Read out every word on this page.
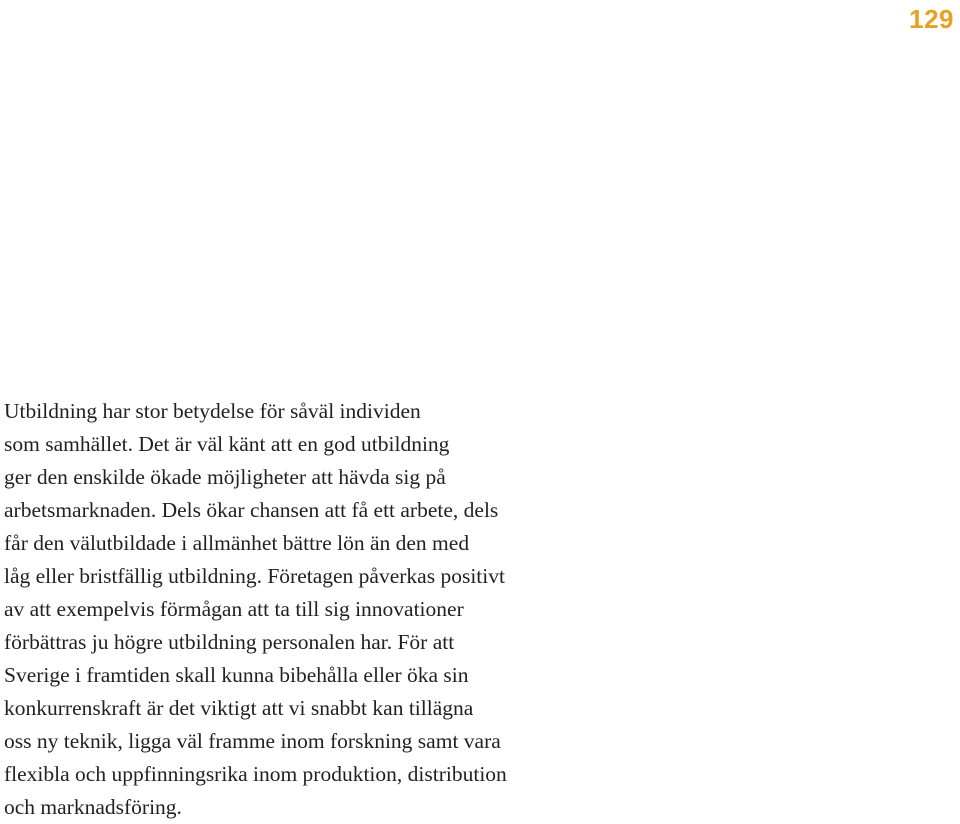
129
Utbildning har stor betydelse för såväl individen
som samhället. Det är väl känt att en god utbildning
ger den enskilde ökade möjligheter att hävda sig på
arbetsmarknaden. Dels ökar chansen att få ett arbete, dels
får den välutbildade i allmänhet bättre lön än den med
låg eller bristfällig utbildning. Företagen påverkas positivt
av att exempelvis förmågan att ta till sig innovationer
förbättras ju högre utbildning personalen har. För att
Sverige i framtiden skall kunna bibehålla eller öka sin
konkurrenskraft är det viktigt att vi snabbt kan tillägna
oss ny teknik, ligga väl framme inom forskning samt vara
flexibla och uppfinningsrika inom produktion, distribution
och marknadsföring.
